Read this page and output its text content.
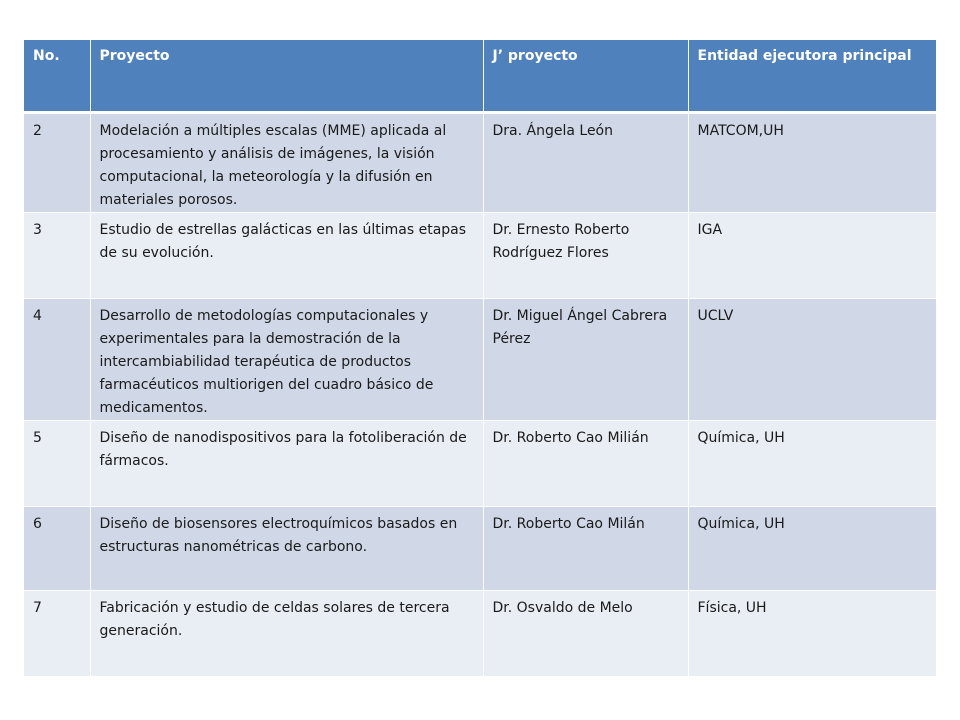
No.	Proyecto	J’ proyecto	Entidad ejecutora principal
2	Modelación a múltiples escalas (MME) aplicada al procesamiento y análisis de imágenes, la visión computacional, la meteorología y la difusión en materiales porosos.	Dra. Ángela León	MATCOM,UH
3	Estudio de estrellas galácticas en las últimas etapas de su evolución.	Dr. Ernesto Roberto Rodríguez Flores	IGA
4	Desarrollo de metodologías computacionales y experimentales para la demostración de la intercambiabilidad terapéutica de productos farmacéuticos multiorigen del cuadro básico de medicamentos.	Dr. Miguel Ángel Cabrera Pérez	UCLV
5	Diseño de nanodispositivos para la fotoliberación de fármacos.	Dr. Roberto Cao Milián	Química, UH
6	Diseño de biosensores electroquímicos basados en estructuras nanométricas de carbono.	Dr. Roberto Cao Milán	Química, UH
7	Fabricación y estudio de celdas solares de tercera generación.	Dr. Osvaldo de Melo	Física, UH
